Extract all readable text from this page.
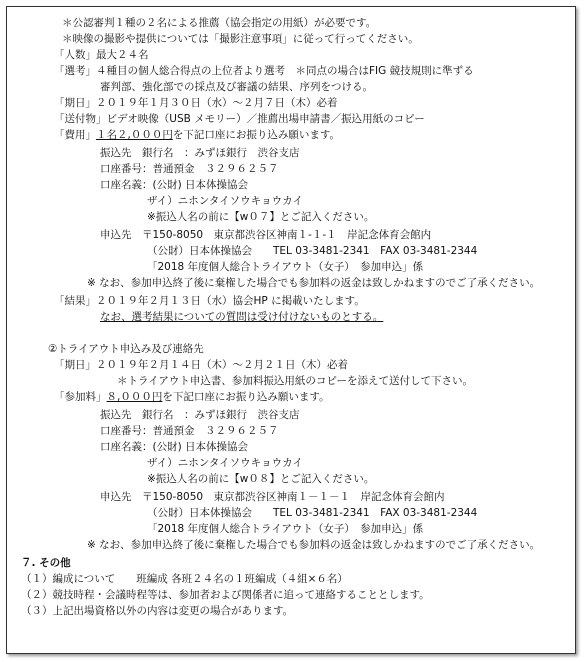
＊公認審判１種の２名による推薦（協会指定の用紙）が必要です。
＊映像の撮影や提供については「撮影注意事項」に従って行ってください。
「人数」最大２４名
「選考」４種目の個人総合得点の上位者より選考　＊同点の場合はFIG 競技規則に準ずる
審判部、強化部での採点及び審議の結果、序列をつける。
「期日」２０１９年１月３０日（水）～２月７日（木）必着
「送付物」ビデオ映像（USB メモリー）／推薦出場申請書／振込用紙のコピー
「費用」１名２,０００円を下記口座にお振り込み願います。
振込先　銀行名　：みずほ銀行　渋谷支店
口座番号：普通預金　３２９６２５７
口座名義：(公財) 日本体操協会
ザイ）ニホンタイソウキョウカイ
※振込人名の前に【w０７】とご記入ください。
申込先　〒150-8050　東京都渋谷区神南１-１-１　岸記念体育会館内
（公財）日本体操協会　　TEL 03-3481-2341　FAX 03-3481-2344
「2018 年度個人総合トライアウト（女子）　参加申込」係
※ なお、参加申込終了後に棄権した場合でも参加料の返金は致しかねますのでご了承ください。
「結果」２０１９年２月１３日（水）協会HP に掲載いたします。
なお、選考結果についての質問は受け付けないものとする。
②トライアウト申込み及び連絡先
「期日」２０１９年２月１４日（木）～２月２１日（木）必着
＊トライアウト申込書、参加料振込用紙のコピーを添えて送付して下さい。
「参加料」８,０００円を下記口座にお振り込み願います。
振込先　銀行名　：みずほ銀行　渋谷支店
口座番号：普通預金　３２９６２５７
口座名義：(公財) 日本体操協会
ザイ）ニホンタイソウキョウカイ
※振込人名の前に【w０８】とご記入ください。
申込先　〒150-8050　東京都渋谷区神南１－１－１　岸記念体育会館内
（公財）日本体操協会　　TEL 03-3481-2341　FAX 03-3481-2344
「2018 年度個人総合トライアウト（女子）　参加申込」係
※ なお、参加申込終了後に棄権した場合でも参加料の返金は致しかねますのでご了承ください。
７. その他
（１）編成について　　班編成 各班２４名の１班編成（４組×６名）
（２）競技時程・会議時程等は、参加者および関係者に追って連絡することとします。
（３）上記出場資格以外の内容は変更の場合があります。
